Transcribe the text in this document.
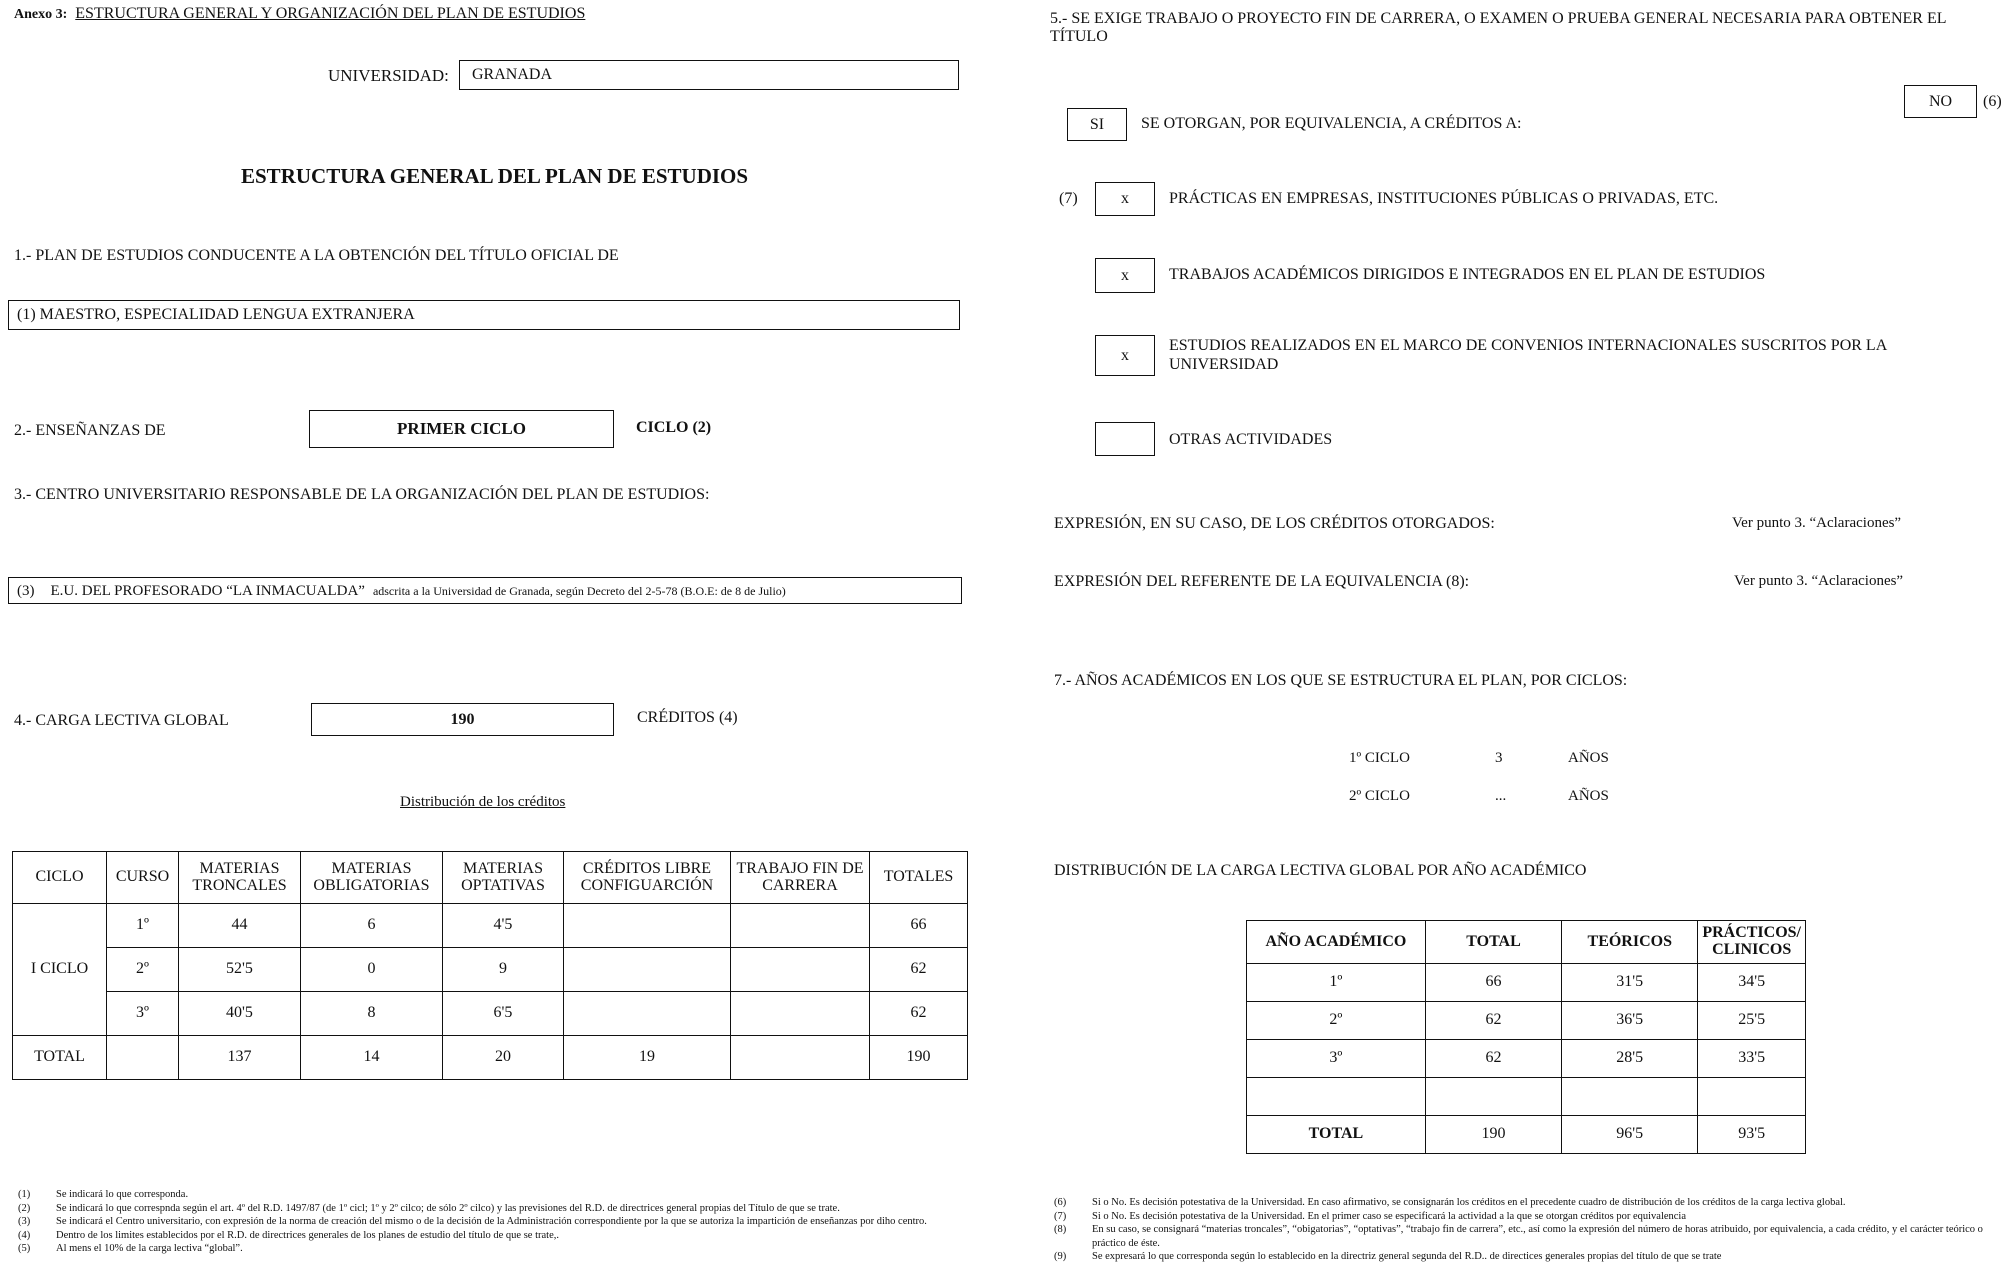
Anexo 3: ESTRUCTURA GENERAL Y ORGANIZACIÓN DEL PLAN DE ESTUDIOS
UNIVERSIDAD:	GRANADA
ESTRUCTURA GENERAL DEL PLAN DE ESTUDIOS
1.- PLAN DE ESTUDIOS CONDUCENTE A LA OBTENCIÓN DEL TÍTULO OFICIAL DE
(1) MAESTRO, ESPECIALIDAD LENGUA EXTRANJERA
2.- ENSEÑANZAS DE	PRIMER CICLO	CICLO (2)
3.- CENTRO UNIVERSITARIO RESPONSABLE DE LA ORGANIZACIÓN DEL PLAN DE ESTUDIOS:
(3) E.U. DEL PROFESORADO “LA INMACUALDA” adscrita a la Universidad de Granada, según Decreto del 2-5-78 (B.O.E: de 8 de Julio)
4.- CARGA LECTIVA GLOBAL	190	CRÉDITOS (4)
Distribución de los créditos
CICLO	CURSO	MATERIAS TRONCALES	MATERIAS OBLIGATORIAS	MATERIAS OPTATIVAS	CRÉDITOS LIBRE CONFIGUARCIÓN	TRABAJO FIN DE CARRERA	TOTALES
I CICLO	1º	44	6	4'5			66
	2º	52'5	0	9			62
	3º	40'5	8	6'5			62
TOTAL		137	14	20	19		190
(1)	Se indicará lo que corresponda.
(2)	Se indicará lo que correspnda según el art. 4º del R.D. 1497/87 (de 1º cicl; 1º y 2º cilco; de sólo 2º cilco) y las previsiones del R.D. de directrices general propias del Título de que se trate.
(3)	Se indicará el Centro universitario, con expresión de la norma de creación del mismo o de la decisión de la Administración correspondiente por la que se autoriza la impartición de enseñanzas por diho centro.
(4)	Dentro de los limites establecidos por el R.D. de directrices generales de los planes de estudio del título de que se trate,.
(5)	Al mens el 10% de la carga lectiva “global”.
5.- SE EXIGE TRABAJO O PROYECTO FIN DE CARRERA, O EXAMEN O PRUEBA GENERAL NECESARIA PARA OBTENER EL
TÍTULO
NO (6)
SI SE OTORGAN, POR EQUIVALENCIA, A CRÉDITOS A:
(7)	x	PRÁCTICAS EN EMPRESAS, INSTITUCIONES PÚBLICAS O PRIVADAS, ETC.
x	TRABAJOS ACADÉMICOS DIRIGIDOS E INTEGRADOS EN EL PLAN DE ESTUDIOS
x
ESTUDIOS REALIZADOS EN EL MARCO DE CONVENIOS INTERNACIONALES SUSCRITOS POR LA
UNIVERSIDAD
OTRAS ACTIVIDADES
EXPRESIÓN, EN SU CASO, DE LOS CRÉDITOS OTORGADOS:	Ver punto 3. “Aclaraciones”
EXPRESIÓN DEL REFERENTE DE LA EQUIVALENCIA (8):	Ver punto 3. “Aclaraciones”
7.- AÑOS ACADÉMICOS EN LOS QUE SE ESTRUCTURA EL PLAN, POR CICLOS:
1º CICLO	3	AÑOS
2º CICLO	...	AÑOS
DISTRIBUCIÓN DE LA CARGA LECTIVA GLOBAL POR AÑO ACADÉMICO
AÑO ACADÉMICO	TOTAL	TEÓRICOS	PRÁCTICOS/ CLINICOS
1º	66	31'5	34'5
2º	62	36'5	25'5
3º	62	28'5	33'5

TOTAL	190	96'5	93'5
(6)	Si o No. Es decisión potestativa de la Universidad. En caso afirmativo, se consignarán los créditos en el precedente cuadro de distribución de los créditos de la carga lectiva global.
(7)	Si o No. Es decisión potestativa de la Universidad. En el primer caso se especificará la actividad a la que se otorgan créditos por equivalencia
(8)	En su caso, se consignará “materias troncales”, “obigatorias”, “optativas”, “trabajo fin de carrera”, etc., así como la expresión del número de horas atribuido, por equivalencia, a cada crédito, y el carácter teórico o práctico de éste.
(9)	Se expresará lo que corresponda según lo establecido en la directriz general segunda del R.D.. de directices generales propias del título de que se trate
